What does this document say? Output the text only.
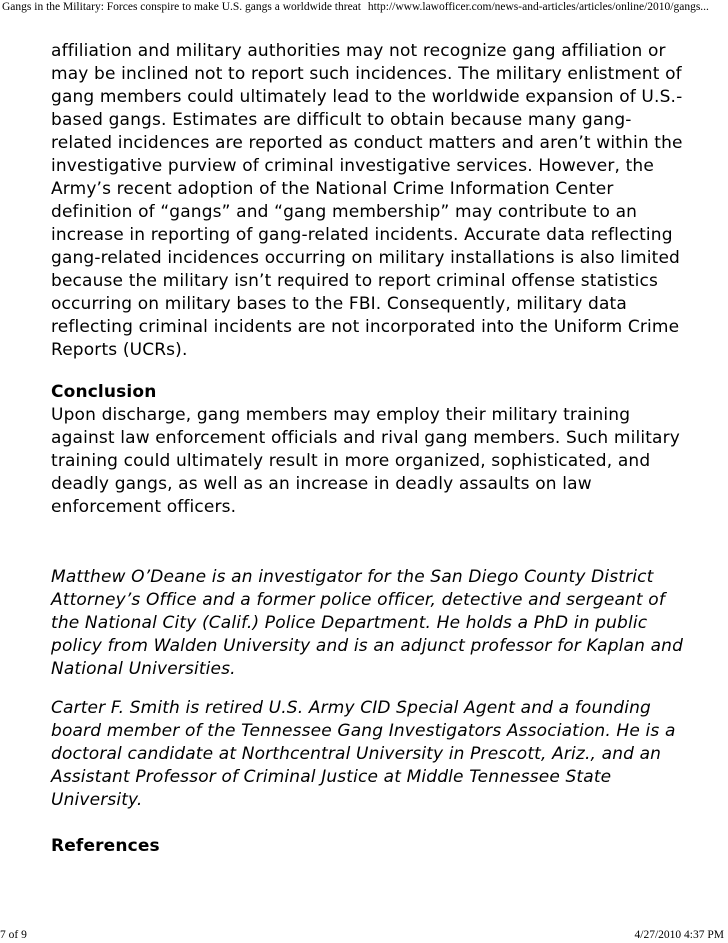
Gangs in the Military: Forces conspire to make U.S. gangs a worldwide threat http://www.lawofficer.com/news-and-articles/articles/online/2010/gangs...

affiliation and military authorities may not recognize gang affiliation or may be inclined not to report such incidences. The military enlistment of gang members could ultimately lead to the worldwide expansion of U.S.-based gangs. Estimates are difficult to obtain because many gang-related incidences are reported as conduct matters and aren’t within the investigative purview of criminal investigative services. However, the Army’s recent adoption of the National Crime Information Center definition of “gangs” and “gang membership” may contribute to an increase in reporting of gang-related incidents. Accurate data reflecting gang-related incidences occurring on military installations is also limited because the military isn’t required to report criminal offense statistics occurring on military bases to the FBI. Consequently, military data reflecting criminal incidents are not incorporated into the Uniform Crime Reports (UCRs).

Conclusion

Upon discharge, gang members may employ their military training against law enforcement officials and rival gang members. Such military training could ultimately result in more organized, sophisticated, and deadly gangs, as well as an increase in deadly assaults on law enforcement officers.

Matthew O’Deane is an investigator for the San Diego County District Attorney’s Office and a former police officer, detective and sergeant of the National City (Calif.) Police Department. He holds a PhD in public policy from Walden University and is an adjunct professor for Kaplan and National Universities.

Carter F. Smith is retired U.S. Army CID Special Agent and a founding board member of the Tennessee Gang Investigators Association. He is a doctoral candidate at Northcentral University in Prescott, Ariz., and an Assistant Professor of Criminal Justice at Middle Tennessee State University.

References

7 of 9	4/27/2010 4:37 PM
